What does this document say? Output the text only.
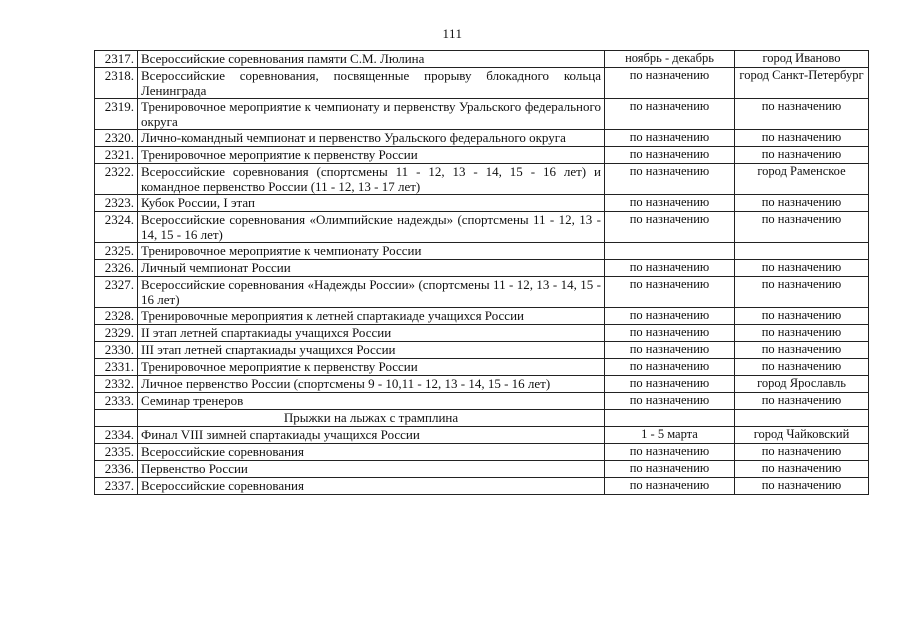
111
2317.	Всероссийские соревнования памяти С.М. Люлина	ноябрь - декабрь	город Иваново
2318.	Всероссийские соревнования, посвященные прорыву блокадного кольца Ленинграда	по назначению	город Санкт-Петербург
2319.	Тренировочное мероприятие к чемпионату и первенству Уральского федерального округа	по назначению	по назначению
2320.	Лично-командный чемпионат и первенство Уральского федерального округа	по назначению	по назначению
2321.	Тренировочное мероприятие к первенству России	по назначению	по назначению
2322.	Всероссийские соревнования (спортсмены 11 - 12, 13 - 14, 15 - 16 лет) и командное первенство России (11 - 12, 13 - 17 лет)	по назначению	город Раменское
2323.	Кубок России, I этап	по назначению	по назначению
2324.	Всероссийские соревнования «Олимпийские надежды» (спортсмены 11 - 12, 13 - 14, 15 - 16 лет)	по назначению	по назначению
2325.	Тренировочное мероприятие к чемпионату России		
2326.	Личный чемпионат России	по назначению	по назначению
2327.	Всероссийские соревнования «Надежды России» (спортсмены 11 - 12, 13 - 14, 15 - 16 лет)	по назначению	по назначению
2328.	Тренировочные мероприятия к летней спартакиаде учащихся России	по назначению	по назначению
2329.	II этап летней спартакиады учащихся России	по назначению	по назначению
2330.	III этап летней спартакиады учащихся России	по назначению	по назначению
2331.	Тренировочное мероприятие к первенству России	по назначению	по назначению
2332.	Личное первенство России (спортсмены 9 - 10,11 - 12, 13 - 14, 15 - 16 лет)	по назначению	город Ярославль
2333.	Семинар тренеров	по назначению	по назначению
	Прыжки на лыжах с трамплина		
2334.	Финал VIII зимней спартакиады учащихся России	1 - 5 марта	город Чайковский
2335.	Всероссийские соревнования	по назначению	по назначению
2336.	Первенство России	по назначению	по назначению
2337.	Всероссийские соревнования	по назначению	по назначению
